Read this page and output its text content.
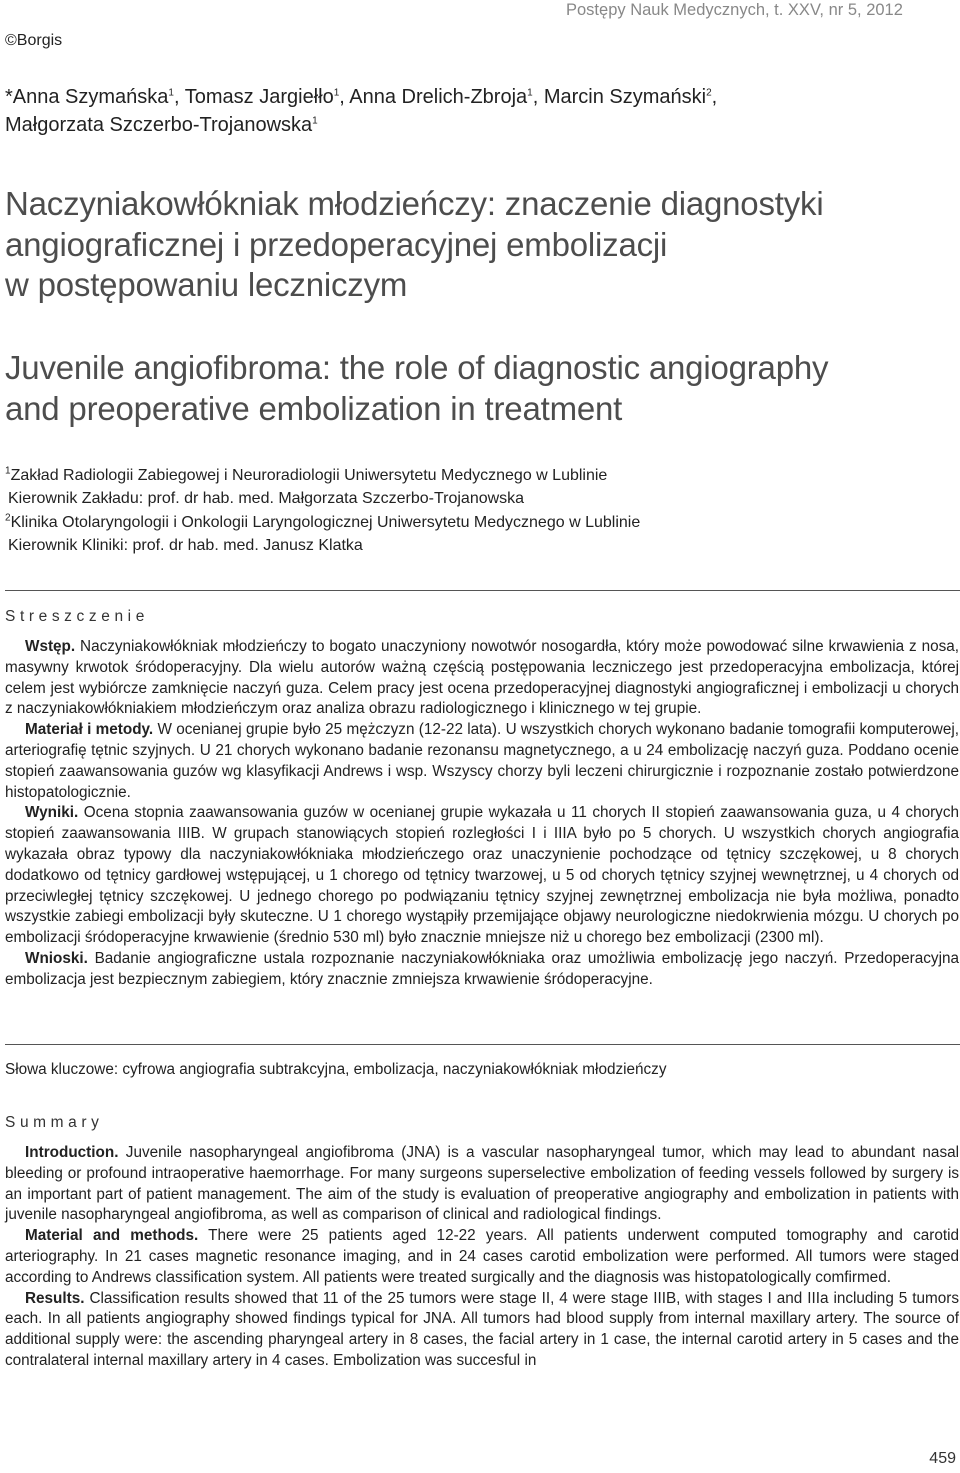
Postępy Nauk Medycznych, t. XXV, nr 5, 2012
©Borgis
*Anna Szymańska$^1$, Tomasz Jargiełło$^1$, Anna Drelich-Zbroja$^1$, Marcin Szymański$^2$,
Małgorzata Szczerbo-Trojanowska$^1$
Naczyniakowłókniak młodzieńczy: znaczenie diagnostyki
angiograficznej i przedoperacyjnej embolizacji
w postępowaniu leczniczym
Juvenile angiofibroma: the role of diagnostic angiography
and preoperative embolization in treatment
$^1$Zakład Radiologii Zabiegowej i Neuroradiologii Uniwersytetu Medycznego w Lublinie
Kierownik Zakładu: prof. dr hab. med. Małgorzata Szczerbo-Trojanowska
$^2$Klinika Otolaryngologii i Onkologii Laryngologicznej Uniwersytetu Medycznego w Lublinie
Kierownik Kliniki: prof. dr hab. med. Janusz Klatka
Streszczenie

Wstęp. Naczyniakowłókniak młodzieńczy to bogato unaczyniony nowotwór nosogardła, który może powodować silne krwawienia z nosa, masywny krwotok śródoperacyjny. Dla wielu autorów ważną częścią postępowania leczniczego jest przedoperacyjna embolizacja, której celem jest wybiórcze zamknięcie naczyń guza. Celem pracy jest ocena przedoperacyjnej diagnostyki angiograficznej i embolizacji u chorych z naczyniakowłókniakiem młodzieńczym oraz analiza obrazu radiologicznego i klinicznego w tej grupie.

Materiał i metody. W ocenianej grupie było 25 mężczyzn (12-22 lata). U wszystkich chorych wykonano badanie tomografii komputerowej, arteriografię tętnic szyjnych. U 21 chorych wykonano badanie rezonansu magnetycznego, a u 24 embolizację naczyń guza. Poddano ocenie stopień zaawansowania guzów wg klasyfikacji Andrews i wsp. Wszyscy chorzy byli leczeni chirurgicznie i rozpoznanie zostało potwierdzone histopatologicznie.

Wyniki. Ocena stopnia zaawansowania guzów w ocenianej grupie wykazała u 11 chorych II stopień zaawansowania guza, u 4 chorych stopień zaawansowania IIIB. W grupach stanowiących stopień rozległości I i IIIA było po 5 chorych. U wszystkich chorych angiografia wykazała obraz typowy dla naczyniakowłókniaka młodzieńczego oraz unaczynienie pochodzące od tętnicy szczękowej, u 8 chorych dodatkowo od tętnicy gardłowej wstępującej, u 1 chorego od tętnicy twarzowej, u 5 od chorych tętnicy szyjnej wewnętrznej, u 4 chorych od przeciwległej tętnicy szczękowej. U jednego chorego po podwiązaniu tętnicy szyjnej zewnętrznej embolizacja nie była możliwa, ponadto wszystkie zabiegi embolizacji były skuteczne. U 1 chorego wystąpiły przemijające objawy neurologiczne niedokrwienia mózgu. U chorych po embolizacji śródoperacyjne krwawienie (średnio 530 ml) było znacznie mniejsze niż u chorego bez embolizacji (2300 ml).

Wnioski. Badanie angiograficzne ustala rozpoznanie naczyniakowłókniaka oraz umożliwia embolizację jego naczyń. Przedoperacyjna embolizacja jest bezpiecznym zabiegiem, który znacznie zmniejsza krwawienie śródoperacyjne.

Słowa kluczowe: cyfrowa angiografia subtrakcyjna, embolizacja, naczyniakowłókniak młodzieńczy
Summary

Introduction. Juvenile nasopharyngeal angiofibroma (JNA) is a vascular nasopharyngeal tumor, which may lead to abundant nasal bleeding or profound intraoperative haemorrhage. For many surgeons superselective embolization of feeding vessels followed by surgery is an important part of patient management. The aim of the study is evaluation of preoperative angiography and embolization in patients with juvenile nasopharyngeal angiofibroma, as well as comparison of clinical and radiological findings.

Material and methods. There were 25 patients aged 12-22 years. All patients underwent computed tomography and carotid arteriography. In 21 cases magnetic resonance imaging, and in 24 cases carotid embolization were performed. All tumors were staged according to Andrews classification system. All patients were treated surgically and the diagnosis was histopatologically comfirmed.

Results. Classification results showed that 11 of the 25 tumors were stage II, 4 were stage IIIB, with stages I and IIIa including 5 tumors each. In all patients angiography showed findings typical for JNA. All tumors had blood supply from internal maxillary artery. The source of additional supply were: the ascending pharyngeal artery in 8 cases, the facial artery in 1 case, the internal carotid artery in 5 cases and the contralateral internal maxillary artery in 4 cases. Embolization was succesful in

459
